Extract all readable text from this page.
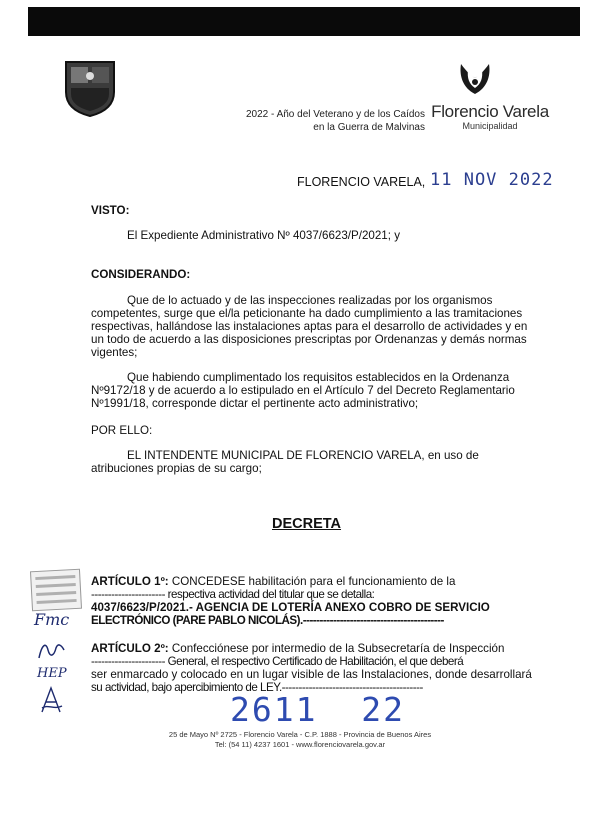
2022 - Año del Veterano y de los Caídos
en la Guerra de Malvinas
Florencio Varela
Municipalidad
FLORENCIO VARELA, 11 NOV 2022
VISTO:
El Expediente Administrativo Nº 4037/6623/P/2021; y
CONSIDERANDO:
Que de lo actuado y de las inspecciones realizadas por los organismos
competentes, surge que el/la peticionante ha dado cumplimiento a las tramitaciones
respectivas, hallándose las instalaciones aptas para el desarrollo de actividades y en
un todo de acuerdo a las disposiciones prescriptas por Ordenanzas y demás normas
vigentes;
Que habiendo cumplimentado los requisitos establecidos en la Ordenanza
Nº9172/18 y de acuerdo a lo estipulado en el Artículo 7 del Decreto Reglamentario
Nº1991/18, corresponde dictar el pertinente acto administrativo;
POR ELLO:
EL INTENDENTE MUNICIPAL DE FLORENCIO VARELA, en uso de
atribuciones propias de su cargo;
DECRETA
ARTÍCULO 1º: CONCEDESE habilitación para el funcionamiento de la
---------------------- respectiva actividad del titular que se detalla:
4037/6623/P/2021.- AGENCIA DE LOTERÍA ANEXO COBRO DE SERVICIO
ELECTRÓNICO (PARE PABLO NICOLÁS).------------------------------------------
ARTÍCULO 2º: Confecciónese por intermedio de la Subsecretaría de Inspección
---------------------- General, el respectivo Certificado de Habilitación, el que deberá
ser enmarcado y colocado en un lugar visible de las Instalaciones, donde desarrollará
su actividad, bajo apercibimiento de LEY.------------------------------------------
Fmc
HEP
2611  22
25 de Mayo Nº 2725 - Florencio Varela - C.P. 1888 - Provincia de Buenos Aires
Tel: (54 11) 4237 1601 - www.florenciovarela.gov.ar
